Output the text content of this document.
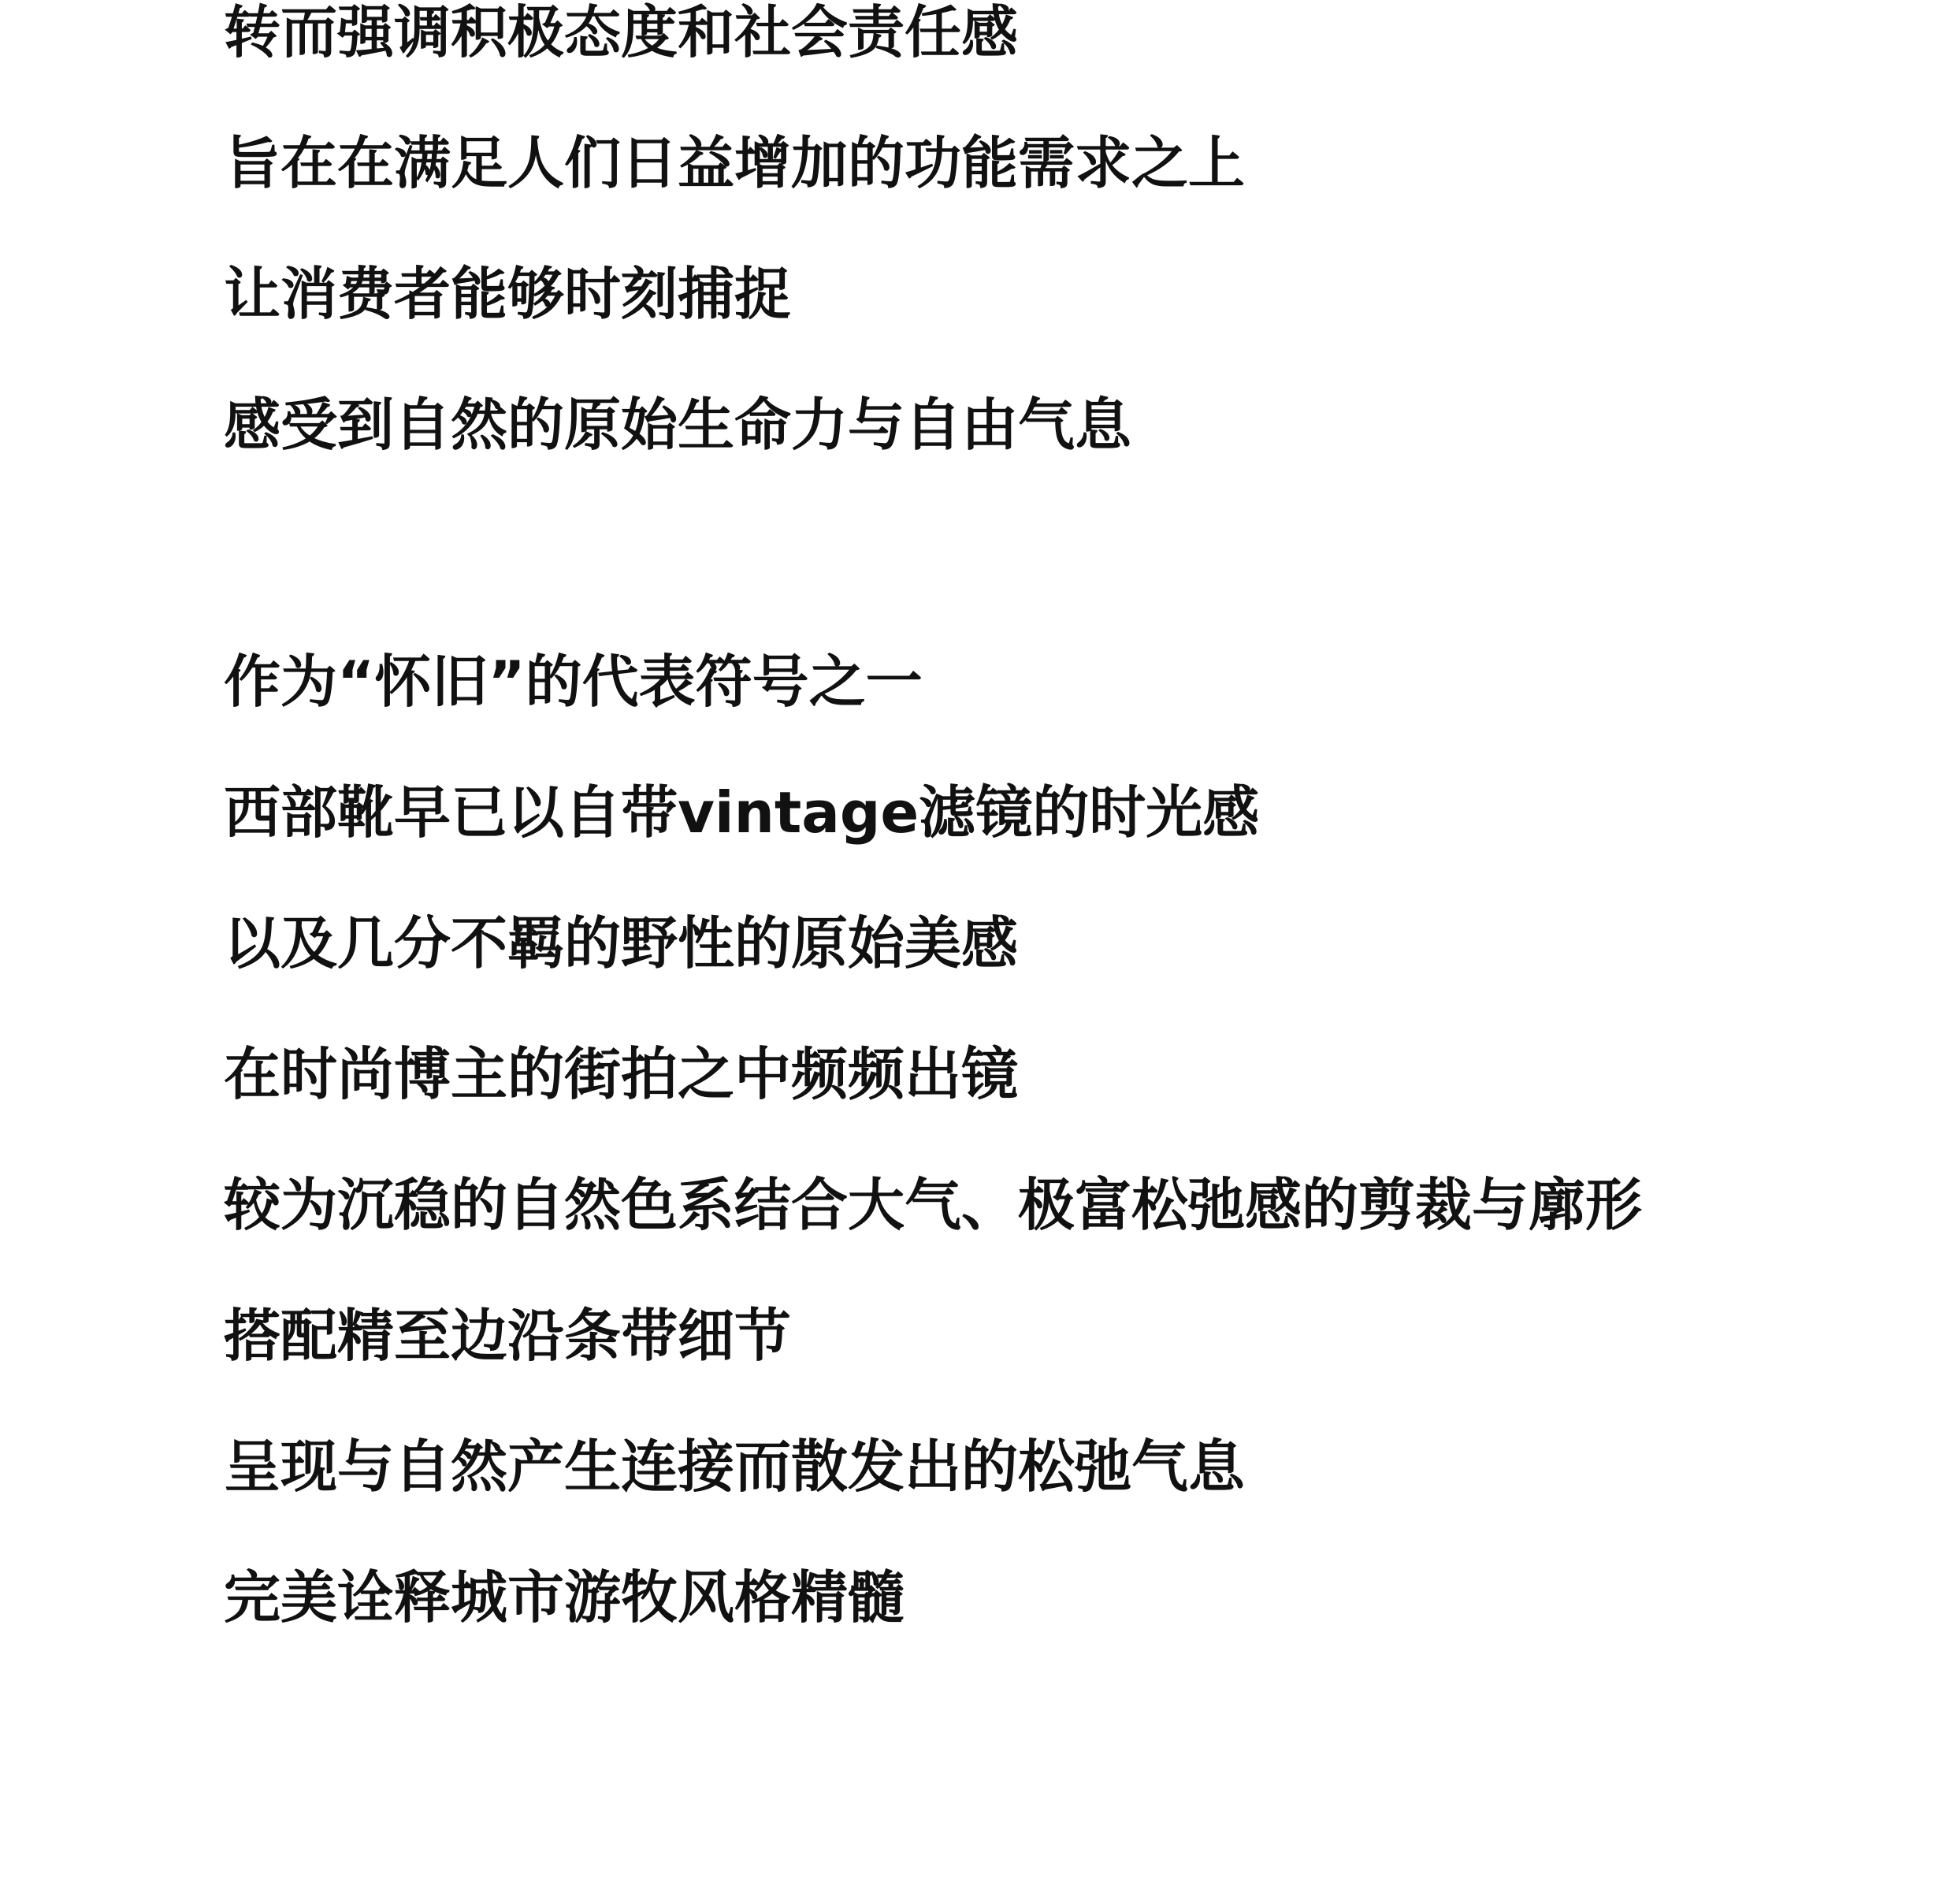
转而强调积极态度和社会责任感
旨在在满足人们日益增加的功能需求之上
让消费者能够时刻捕捉
感受到自然的原始生命力与自由气息
作为“怀旧”的代表符号之一
西部靴早已以自带vintage滤镜的时光感
以及几分不羁的野性的原始美感
在时尚博主的街拍之中频频出镜
较为沉稳的自然色系结合大气、极富松弛感的剪裁与廓形
搭配精至边沿条带细节
呈现与自然产生连接而散发出的松弛气息
完美诠释城市游牧风格精髓
